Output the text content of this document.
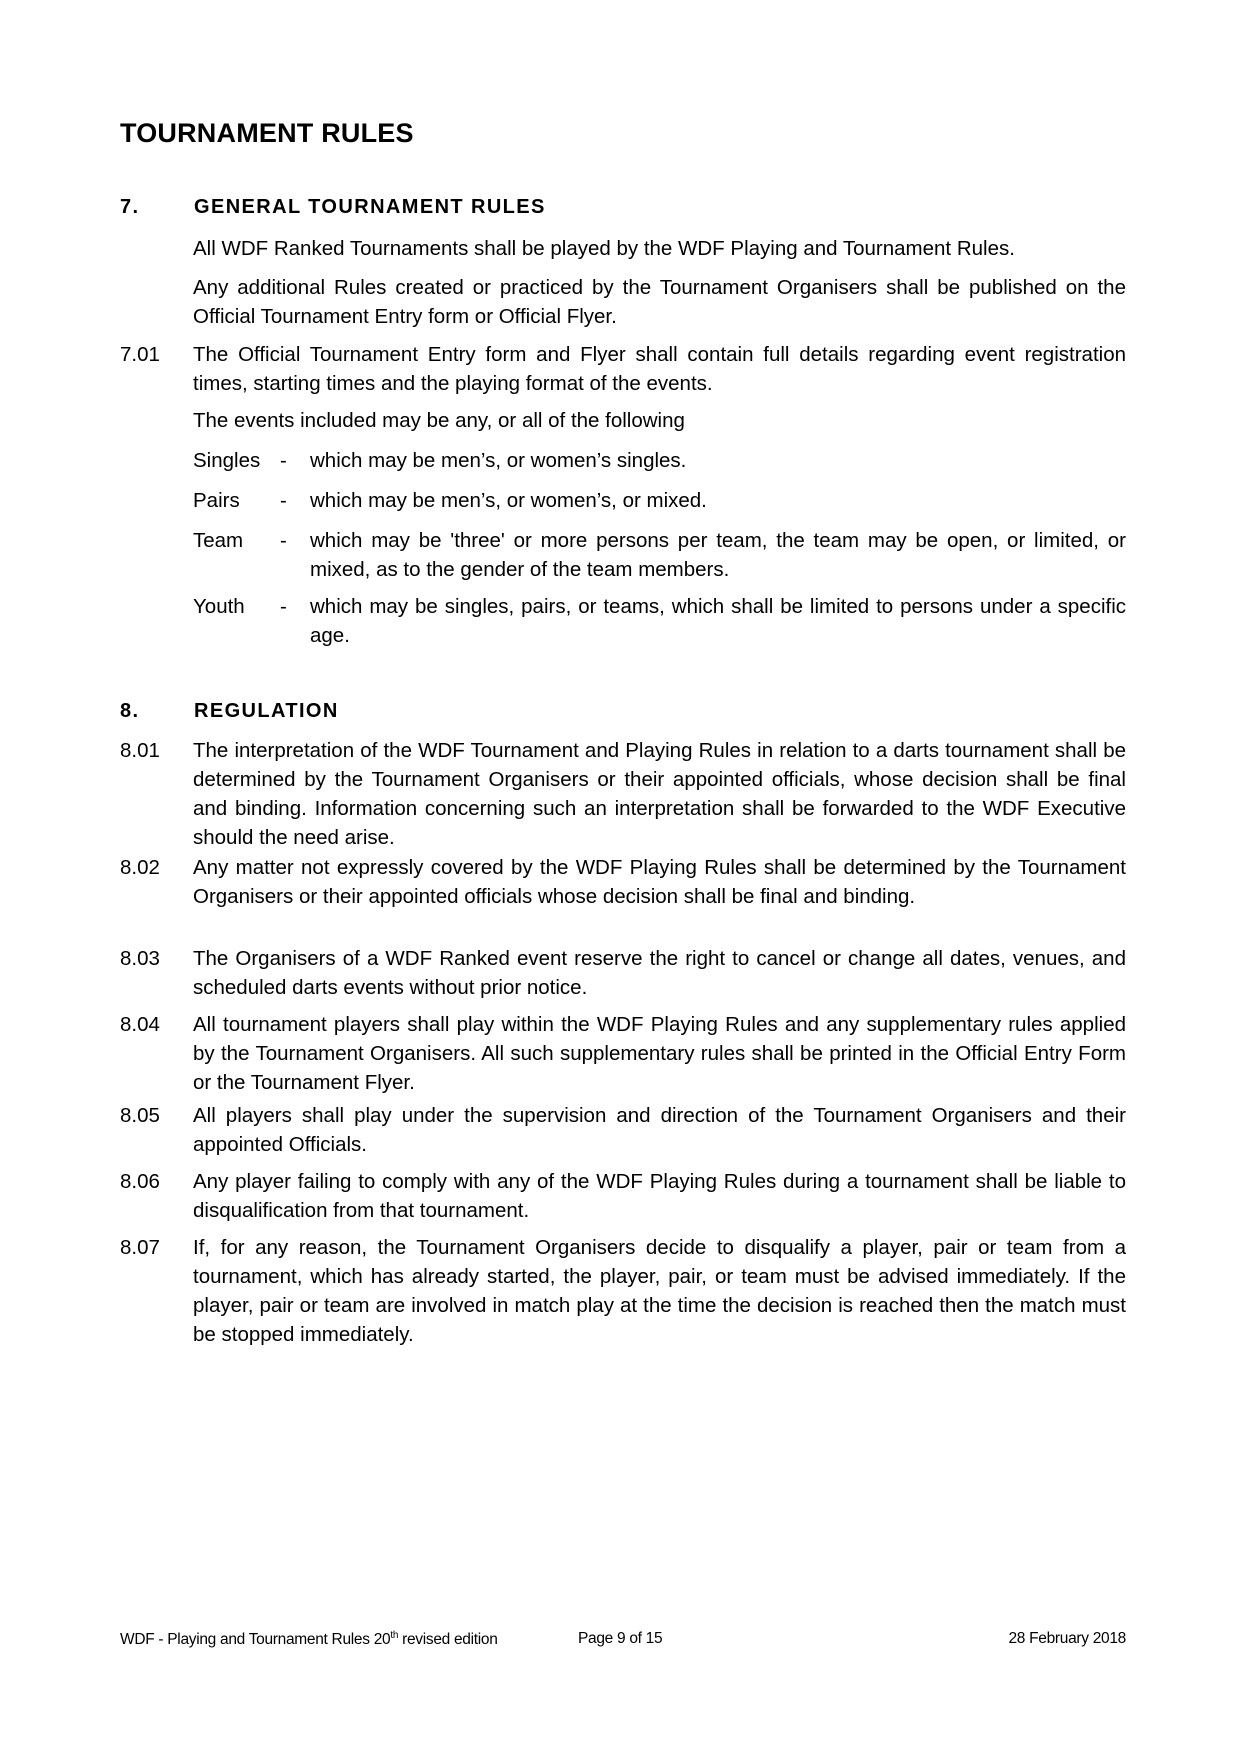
TOURNAMENT RULES
7.	GENERAL TOURNAMENT RULES
All WDF Ranked Tournaments shall be played by the WDF Playing and Tournament Rules.
Any additional Rules created or practiced by the Tournament Organisers shall be published on the Official Tournament Entry form or Official Flyer.
7.01 The Official Tournament Entry form and Flyer shall contain full details regarding event registration times, starting times and the playing format of the events.
The events included may be any, or all of the following
Singles - which may be men’s, or women’s singles.
Pairs - which may be men’s, or women’s, or mixed.
Team - which may be 'three' or more persons per team, the team may be open, or limited, or mixed, as to the gender of the team members.
Youth - which may be singles, pairs, or teams, which shall be limited to persons under a specific age.
8.	REGULATION
8.01 The interpretation of the WDF Tournament and Playing Rules in relation to a darts tournament shall be determined by the Tournament Organisers or their appointed officials, whose decision shall be final and binding. Information concerning such an interpretation shall be forwarded to the WDF Executive should the need arise.
8.02 Any matter not expressly covered by the WDF Playing Rules shall be determined by the Tournament Organisers or their appointed officials whose decision shall be final and binding.
8.03 The Organisers of a WDF Ranked event reserve the right to cancel or change all dates, venues, and scheduled darts events without prior notice.
8.04 All tournament players shall play within the WDF Playing Rules and any supplementary rules applied by the Tournament Organisers. All such supplementary rules shall be printed in the Official Entry Form or the Tournament Flyer.
8.05 All players shall play under the supervision and direction of the Tournament Organisers and their appointed Officials.
8.06 Any player failing to comply with any of the WDF Playing Rules during a tournament shall be liable to disqualification from that tournament.
8.07 If, for any reason, the Tournament Organisers decide to disqualify a player, pair or team from a tournament, which has already started, the player, pair, or team must be advised immediately. If the player, pair or team are involved in match play at the time the decision is reached then the match must be stopped immediately.
WDF - Playing and Tournament Rules 20th revised edition	Page 9 of 15	28 February 2018
